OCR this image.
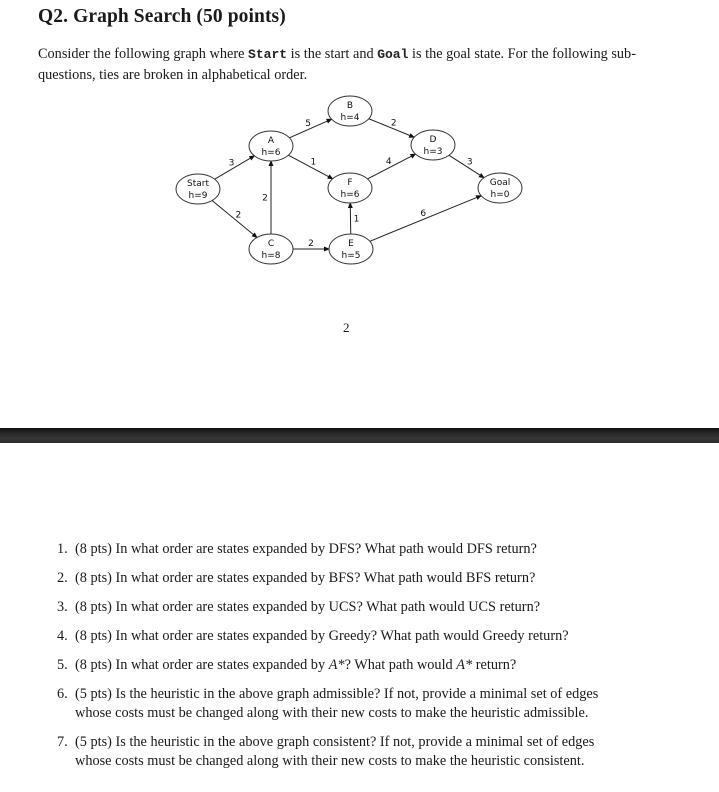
Q2. Graph Search (50 points)
Consider the following graph where Start is the start and Goal is the goal state. For the following sub-questions, ties are broken in alphabetical order.
3
2
5
1
2
2
2
4
1
3
6
Start
h=9
A
h=6
B
h=4
C
h=8
D
h=3
E
h=5
F
h=6
Goal
h=0
2
1. (8 pts) In what order are states expanded by DFS? What path would DFS return?
2. (8 pts) In what order are states expanded by BFS? What path would BFS return?
3. (8 pts) In what order are states expanded by UCS? What path would UCS return?
4. (8 pts) In what order are states expanded by Greedy? What path would Greedy return?
5. (8 pts) In what order are states expanded by A*? What path would A* return?
6. (5 pts) Is the heuristic in the above graph admissible? If not, provide a minimal set of edges
whose costs must be changed along with their new costs to make the heuristic admissible.
7. (5 pts) Is the heuristic in the above graph consistent? If not, provide a minimal set of edges
whose costs must be changed along with their new costs to make the heuristic consistent.
